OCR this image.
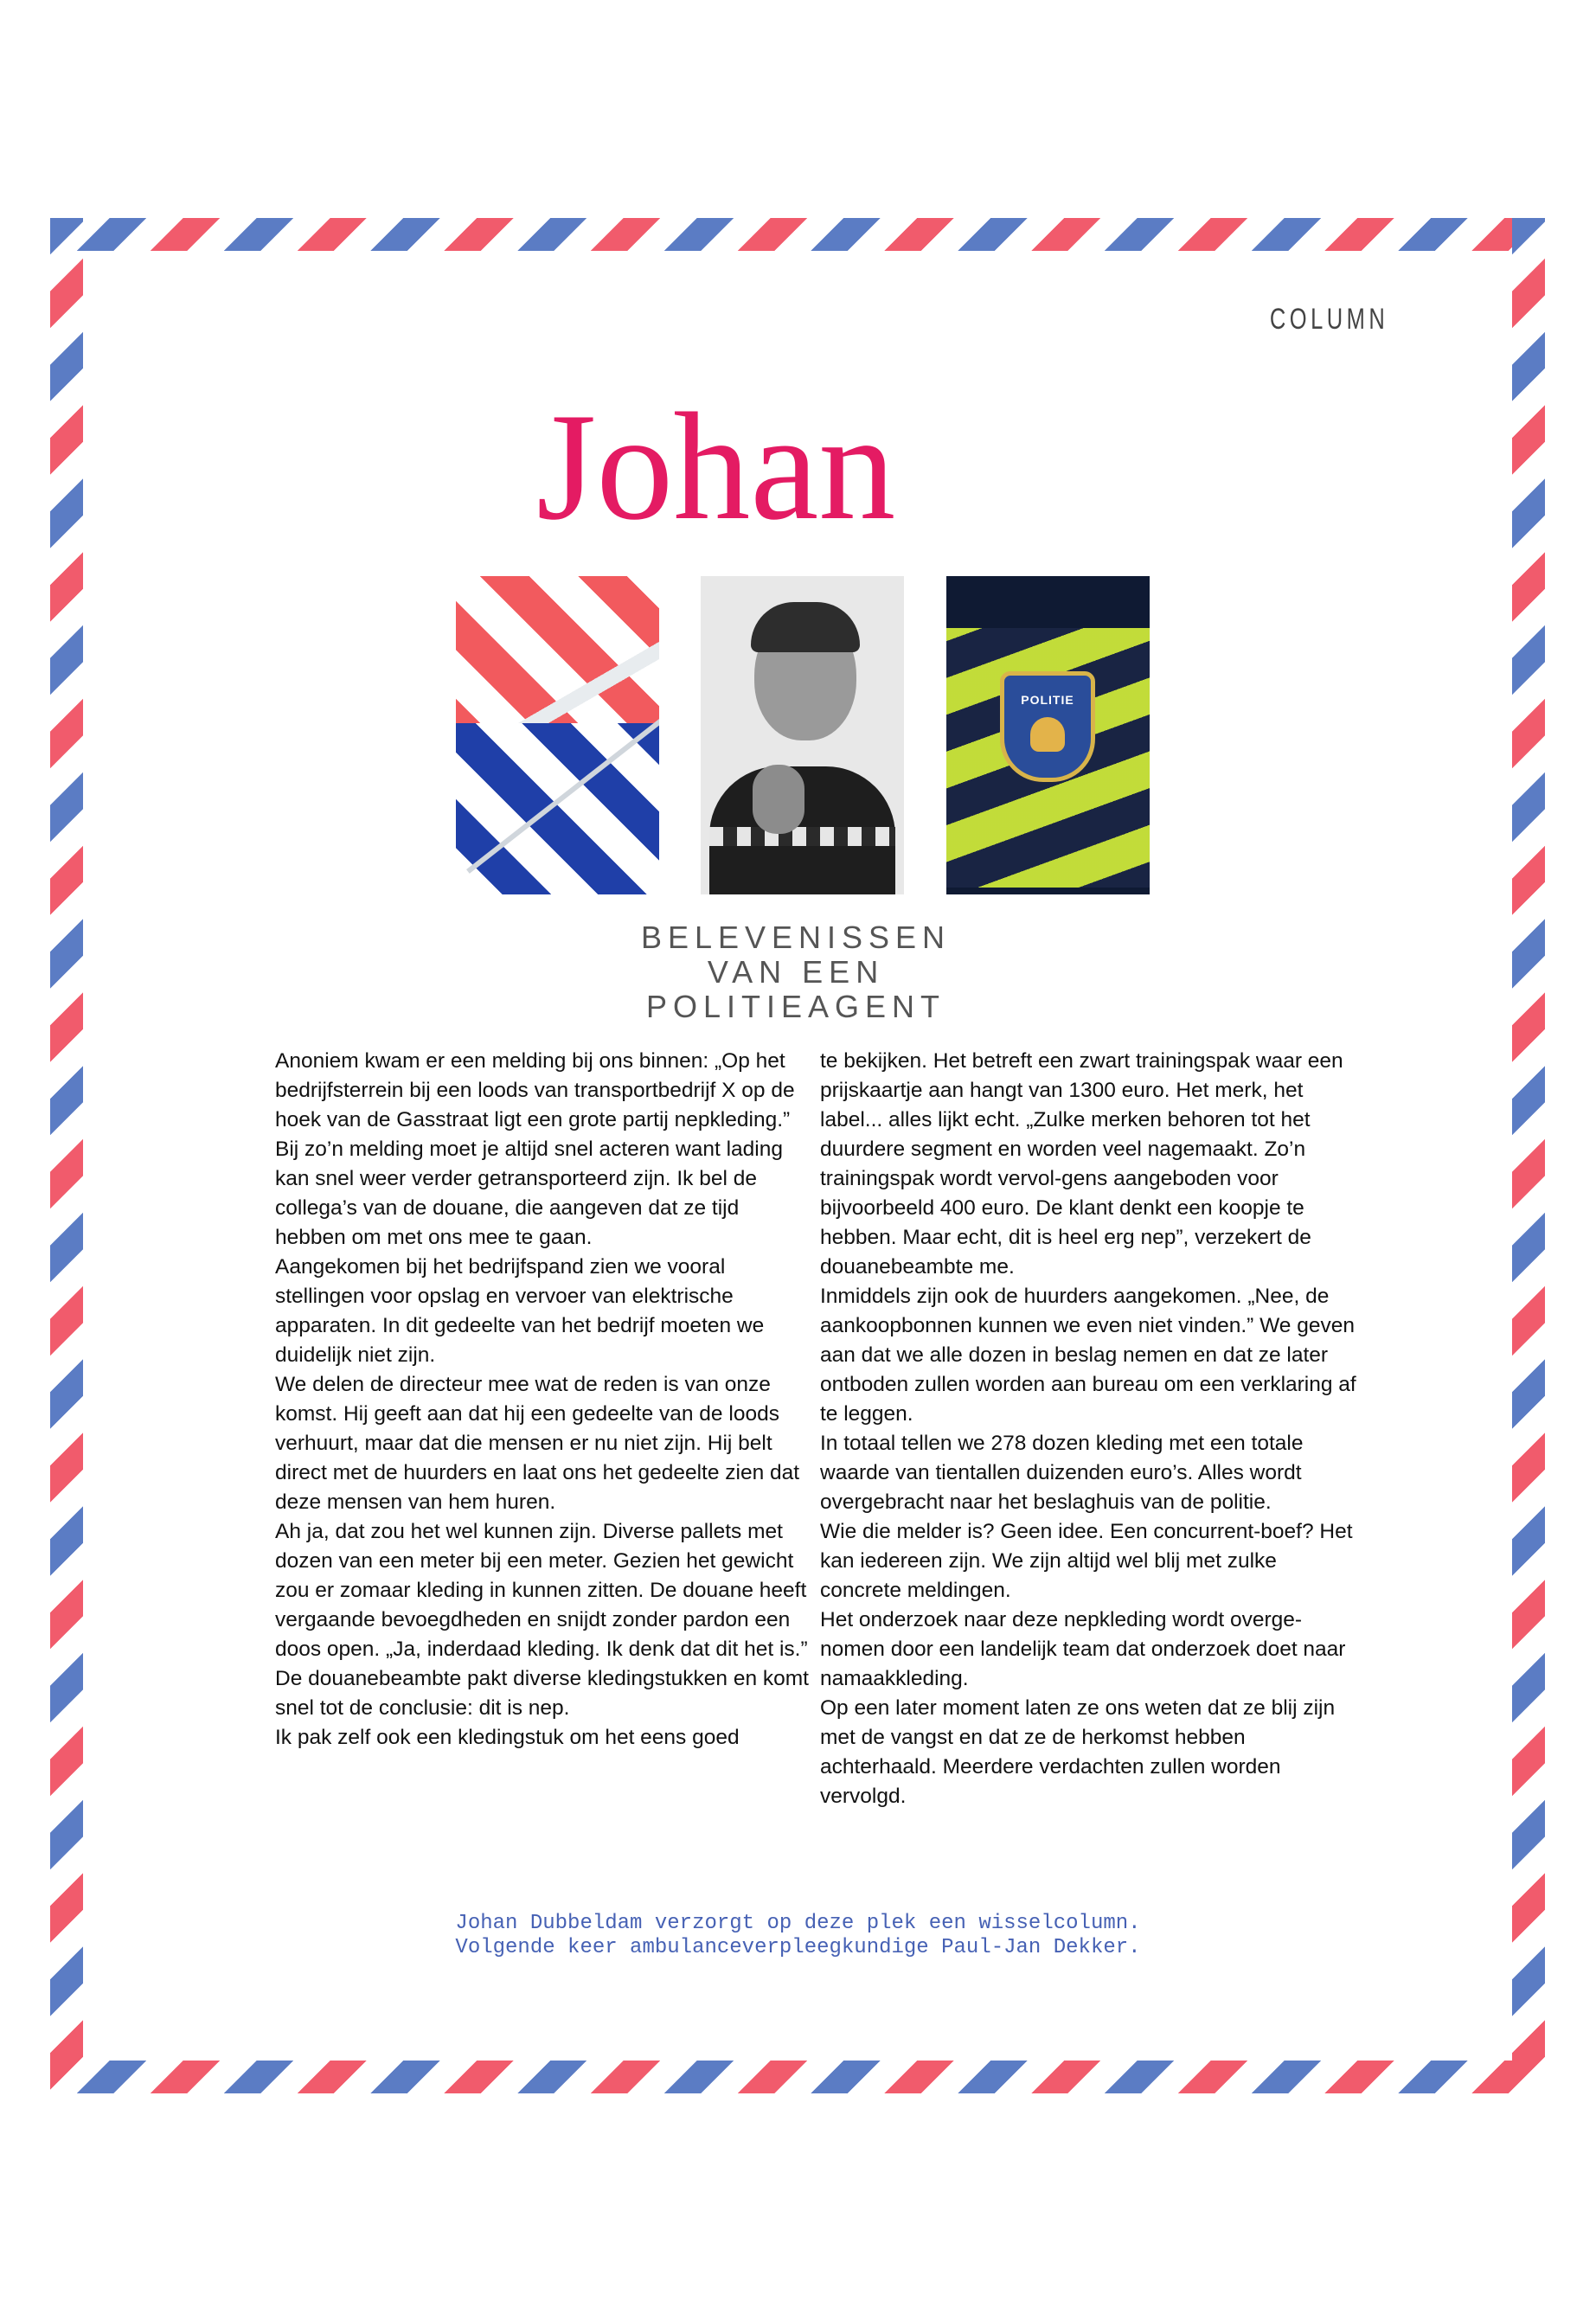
COLUMN
POLITIE
Johan
BELEVENISSEN VAN EEN
POLITIEAGENT

Anoniem kwam er een melding bij ons binnen: „Op het bedrijfsterrein bij een loods van transportbedrijf X op de hoek van de Gasstraat ligt een grote partij nepkleding.”

Bij zo’n melding moet je altijd snel acteren want lading kan snel weer verder getransporteerd zijn. Ik bel de collega’s van de douane, die aangeven dat ze tijd hebben om met ons mee te gaan.

Aangekomen bij het bedrijfspand zien we vooral stellingen voor opslag en vervoer van elektrische apparaten. In dit gedeelte van het bedrijf moeten we duidelijk niet zijn.

We delen de directeur mee wat de reden is van onze komst. Hij geeft aan dat hij een gedeelte van de loods verhuurt, maar dat die mensen er nu niet zijn. Hij belt direct met de huurders en laat ons het gedeelte zien dat deze mensen van hem huren.

Ah ja, dat zou het wel kunnen zijn. Diverse pallets met dozen van een meter bij een meter. Gezien het gewicht zou er zomaar kleding in kunnen zitten. De douane heeft vergaande bevoegdheden en snijdt zonder pardon een doos open. „Ja, inderdaad kleding. Ik denk dat dit het is.” De douanebeambte pakt diverse kledingstukken en komt snel tot de conclusie: dit is nep.

Ik pak zelf ook een kledingstuk om het eens goed

te bekijken. Het betreft een zwart trainingspak waar een prijskaartje aan hangt van 1300 euro. Het merk, het label... alles lijkt echt. „Zulke merken behoren tot het duurdere segment en worden veel nagemaakt. Zo’n trainingspak wordt vervol-gens aangeboden voor bijvoorbeeld 400 euro. De klant denkt een koopje te hebben. Maar echt, dit is heel erg nep”, verzekert de douanebeambte me.

Inmiddels zijn ook de huurders aangekomen. „Nee, de aankoopbonnen kunnen we even niet vinden.” We geven aan dat we alle dozen in beslag nemen en dat ze later ontboden zullen worden aan bureau om een verklaring af te leggen.

In totaal tellen we 278 dozen kleding met een totale waarde van tientallen duizenden euro’s. Alles wordt overgebracht naar het beslaghuis van de politie.

Wie die melder is? Geen idee. Een concurrent-boef? Het kan iedereen zijn. We zijn altijd wel blij met zulke concrete meldingen.

Het onderzoek naar deze nepkleding wordt overge-nomen door een landelijk team dat onderzoek doet naar namaakkleding.

Op een later moment laten ze ons weten dat ze blij zijn met de vangst en dat ze de herkomst hebben achterhaald. Meerdere verdachten zullen worden vervolgd.

Johan Dubbeldam verzorgt op deze plek een wisselcolumn.
Volgende keer ambulanceverpleegkundige Paul-Jan Dekker.
